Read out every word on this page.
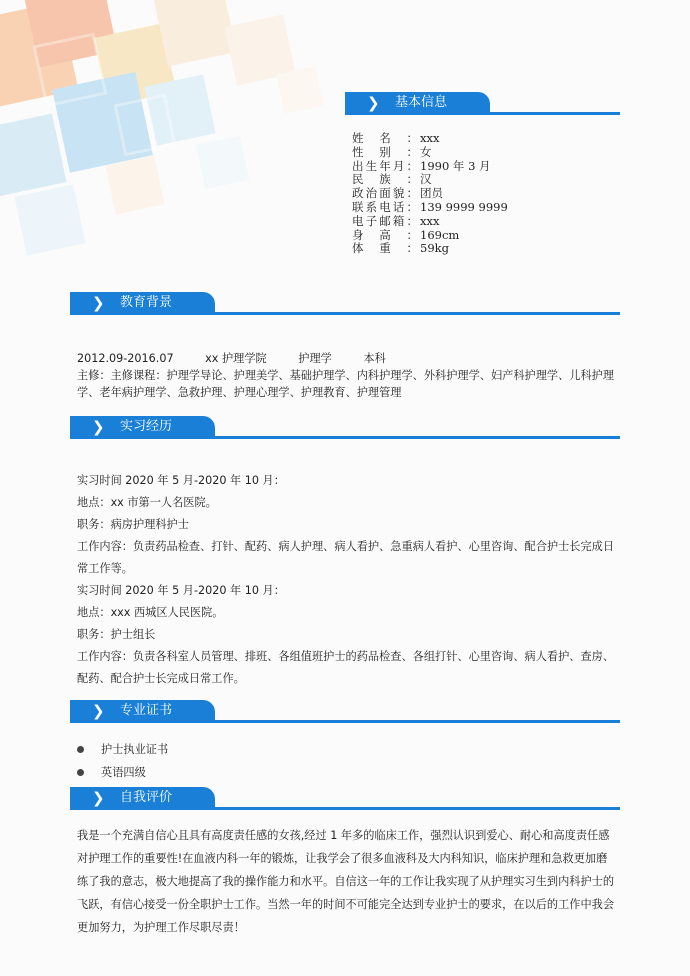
❯ 基本信息
姓 名 ： xxx
性 别 ： 女
出 生 年 月 ： 1990 年 3 月
民 族 ： 汉
政 治 面 貌 ： 团员
联 系 电 话 ： 139 9999 9999
电 子 邮 箱 ： xxx
身 高 ： 169cm
体 重 ： 59kg
❯ 教育背景
2012.09-2016.07	xx 护理学院	护理学	本科
主修：主修课程：护理学导论、护理美学、基础护理学、内科护理学、外科护理学、妇产科护理学、儿科护理学、老年病护理学、急救护理、护理心理学、护理教育、护理管理
❯ 实习经历
实习时间 2020 年 5 月-2020 年 10 月：
地点：xx 市第一人名医院。
职务：病房护理科护士
工作内容：负责药品检查、打针、配药、病人护理、病人看护、急重病人看护、心里咨询、配合护士长完成日常工作等。
实习时间 2020 年 5 月-2020 年 10 月：
地点：xxx 西城区人民医院。
职务：护士组长
工作内容：负责各科室人员管理、排班、各组值班护士的药品检查、各组打针、心里咨询、病人看护、查房、配药、配合护士长完成日常工作。
❯ 专业证书
护士执业证书
英语四级
❯ 自我评价
我是一个充满自信心且具有高度责任感的女孩,经过 1 年多的临床工作，强烈认识到爱心、耐心和高度责任感对护理工作的重要性!在血液内科一年的锻炼，让我学会了很多血液科及大内科知识，临床护理和急救更加磨练了我的意志，极大地提高了我的操作能力和水平。自信这一年的工作让我实现了从护理实习生到内科护士的飞跃，有信心接受一份全职护士工作。当然一年的时间不可能完全达到专业护士的要求，在以后的工作中我会更加努力，为护理工作尽职尽责！
